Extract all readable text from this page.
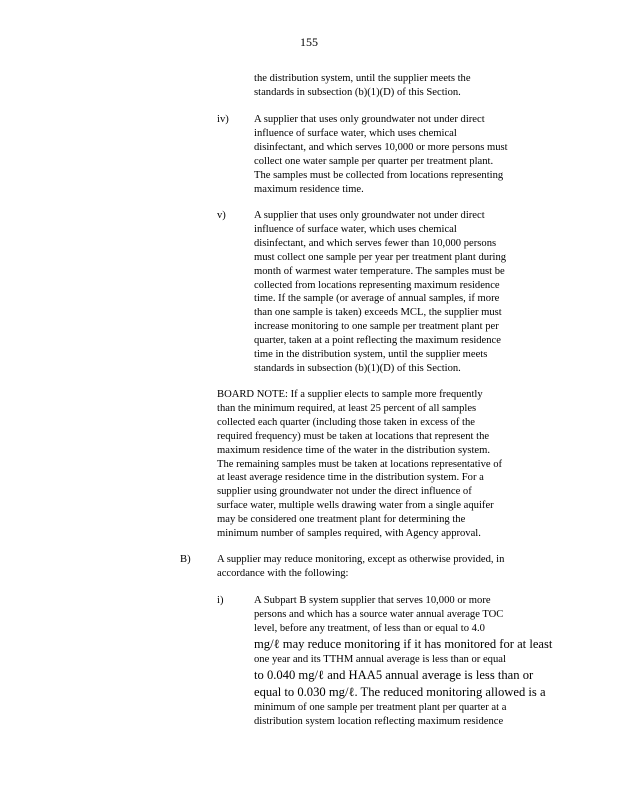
155
the distribution system, until the supplier meets the
standards in subsection (b)(1)(D) of this Section.
iv) A supplier that uses only groundwater not under direct
influence of surface water, which uses chemical
disinfectant, and which serves 10,000 or more persons must
collect one water sample per quarter per treatment plant.
The samples must be collected from locations representing
maximum residence time.
v)	A supplier that uses only groundwater not under direct
influence of surface water, which uses chemical
disinfectant, and which serves fewer than 10,000 persons
must collect one sample per year per treatment plant during
month of warmest water temperature. The samples must be
collected from locations representing maximum residence
time. If the sample (or average of annual samples, if more
than one sample is taken) exceeds MCL, the supplier must
increase monitoring to one sample per treatment plant per
quarter, taken at a point reflecting the maximum residence
time in the distribution system, until the supplier meets
standards in subsection (b)(1)(D) of this Section.
BOARD NOTE: If a supplier elects to sample more frequently
than the minimum required, at least 25 percent of all samples
collected each quarter (including those taken in excess of the
required frequency) must be taken at locations that represent the
maximum residence time of the water in the distribution system.
The remaining samples must be taken at locations representative of
at least average residence time in the distribution system. For a
supplier using groundwater not under the direct influence of
surface water, multiple wells drawing water from a single aquifer
may be considered one treatment plant for determining the
minimum number of samples required, with Agency approval.
B) A supplier may reduce monitoring, except as otherwise provided, in
accordance with the following:
i)	A Subpart B system supplier that serves 10,000 or more
persons and which has a source water annual average TOC
level, before any treatment, of less than or equal to 4.0
mg/ℓ may reduce monitoring if it has monitored for at least
one year and its TTHM annual average is less than or equal
to 0.040 mg/ℓ and HAA5 annual average is less than or
equal to 0.030 mg/ℓ. The reduced monitoring allowed is a
minimum of one sample per treatment plant per quarter at a
distribution system location reflecting maximum residence
